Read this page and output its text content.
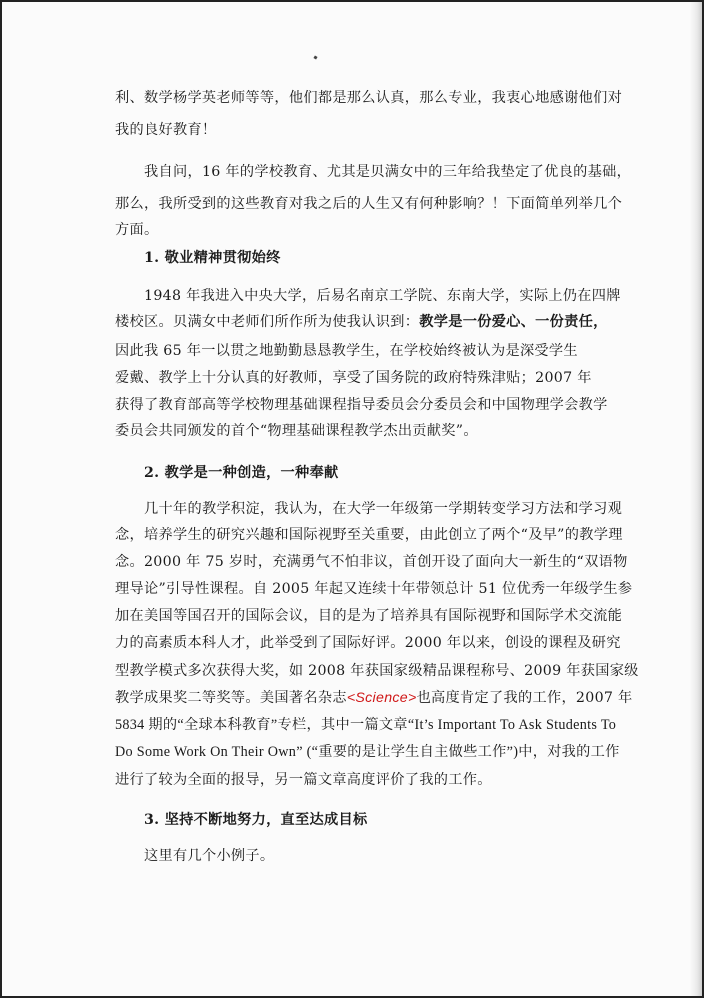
利、数学杨学英老师等等，他们都是那么认真，那么专业，我衷心地感谢他们对
我的良好教育！
我自问，16 年的学校教育、尤其是贝满女中的三年给我垫定了优良的基础，
那么，我所受到的这些教育对我之后的人生又有何种影响？！下面简单列举几个
方面。
1. 敬业精神贯彻始终
1948 年我进入中央大学，后易名南京工学院、东南大学，实际上仍在四牌
楼校区。贝满女中老师们所作所为使我认识到：教学是一份爱心、一份责任，
因此我 65 年一以贯之地勤勤恳恳教学生，在学校始终被认为是深受学生
爱戴、教学上十分认真的好教师，享受了国务院的政府特殊津贴；2007 年
获得了教育部高等学校物理基础课程指导委员会分委员会和中国物理学会教学
委员会共同颁发的首个“物理基础课程教学杰出贡献奖”。
2. 教学是一种创造，一种奉献
几十年的教学积淀，我认为，在大学一年级第一学期转变学习方法和学习观
念，培养学生的研究兴趣和国际视野至关重要，由此创立了两个“及早”的教学理
念。2000 年 75 岁时，充满勇气不怕非议，首创开设了面向大一新生的“双语物
理导论”引导性课程。自 2005 年起又连续十年带领总计 51 位优秀一年级学生参
加在美国等国召开的国际会议，目的是为了培养具有国际视野和国际学术交流能
力的高素质本科人才，此举受到了国际好评。2000 年以来，创设的课程及研究
型教学模式多次获得大奖，如 2008 年获国家级精品课程称号、2009 年获国家级
教学成果奖二等奖等。美国著名杂志<Science>也高度肯定了我的工作，2007 年
5834 期的“全球本科教育”专栏，其中一篇文章“It’s Important To Ask Students To
Do Some Work On Their Own” (“重要的是让学生自主做些工作”)中，对我的工作
进行了较为全面的报导，另一篇文章高度评价了我的工作。
3. 坚持不断地努力，直至达成目标
这里有几个小例子。
